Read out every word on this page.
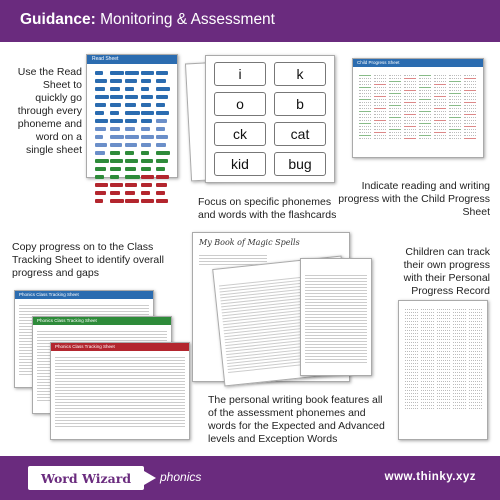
Guidance: Monitoring & Assessment
Use the Read Sheet to quickly go through every phoneme and word on a single sheet
Read Sheet
i	k
o	b
ck	cat
kid	bug
Focus on specific phonemes and words with the flashcards
Child Progress Sheet
Indicate reading and writing progress with the Child Progress Sheet
Copy progress on to the Class Tracking Sheet to identify overall progress and gaps
Phonics Class Tracking Sheet
Phonics Class Tracking Sheet
Phonics Class Tracking Sheet
My Book of Magic Spells
Children can track their own progress with their Personal Progress Record
The personal writing book features all of the assessment phonemes and words for the Expected and Advanced levels and Exception Words
Word Wizard phonics	www.thinky.xyz
